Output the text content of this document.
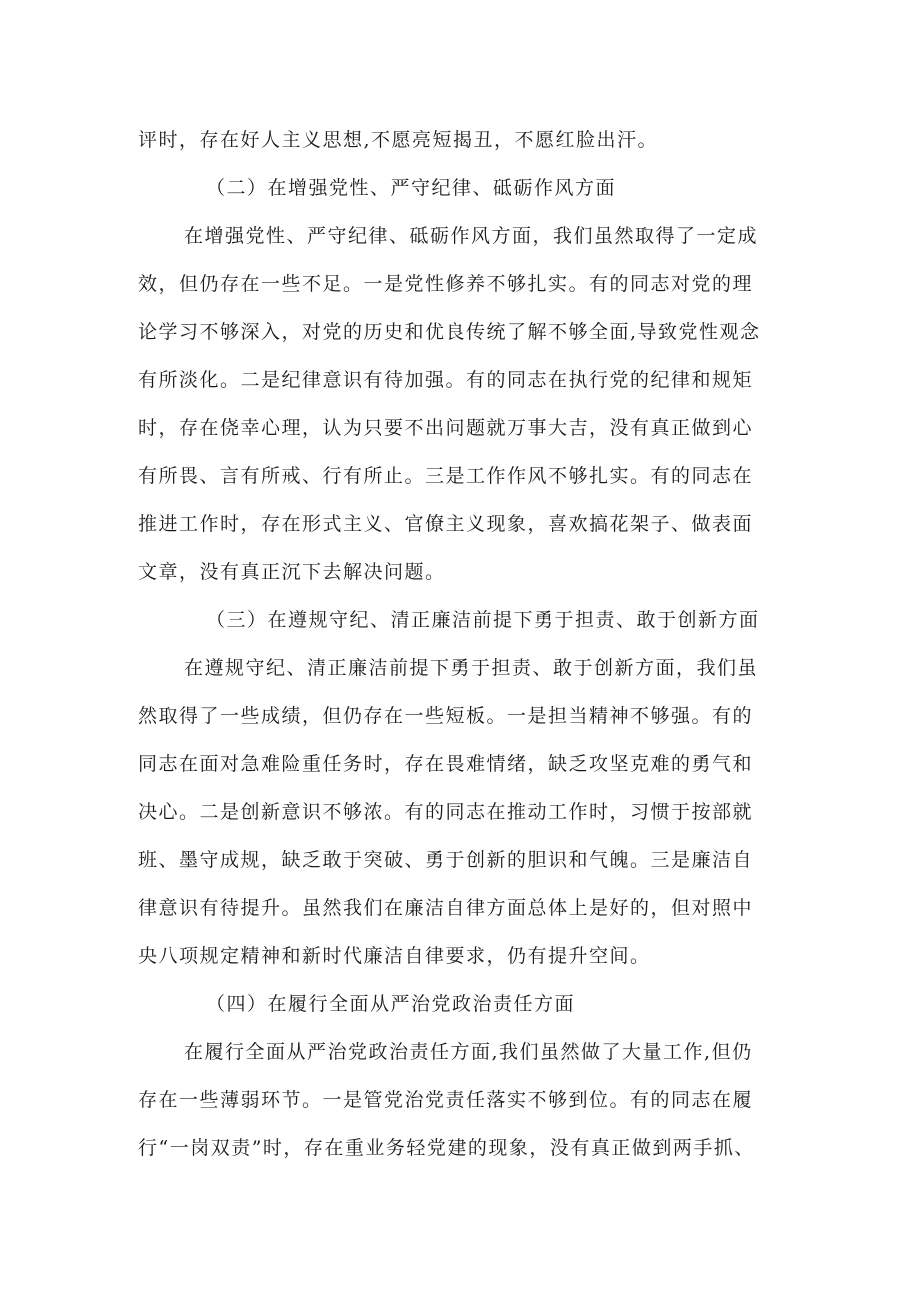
评时，存在好人主义思想,不愿亮短揭丑，不愿红脸出汗。
（二）在增强党性、严守纪律、砥砺作风方面
在增强党性、严守纪律、砥砺作风方面，我们虽然取得了一定成
效，但仍存在一些不足。一是党性修养不够扎实。有的同志对党的理
论学习不够深入，对党的历史和优良传统了解不够全面,导致党性观念
有所淡化。二是纪律意识有待加强。有的同志在执行党的纪律和规矩
时，存在侥幸心理，认为只要不出问题就万事大吉，没有真正做到心
有所畏、言有所戒、行有所止。三是工作作风不够扎实。有的同志在
推进工作时，存在形式主义、官僚主义现象，喜欢搞花架子、做表面
文章，没有真正沉下去解决问题。
（三）在遵规守纪、清正廉洁前提下勇于担责、敢于创新方面
在遵规守纪、清正廉洁前提下勇于担责、敢于创新方面，我们虽
然取得了一些成绩，但仍存在一些短板。一是担当精神不够强。有的
同志在面对急难险重任务时，存在畏难情绪，缺乏攻坚克难的勇气和
决心。二是创新意识不够浓。有的同志在推动工作时，习惯于按部就
班、墨守成规，缺乏敢于突破、勇于创新的胆识和气魄。三是廉洁自
律意识有待提升。虽然我们在廉洁自律方面总体上是好的，但对照中
央八项规定精神和新时代廉洁自律要求，仍有提升空间。
（四）在履行全面从严治党政治责任方面
在履行全面从严治党政治责任方面,我们虽然做了大量工作,但仍
存在一些薄弱环节。一是管党治党责任落实不够到位。有的同志在履
行“一岗双责”时，存在重业务轻党建的现象，没有真正做到两手抓、
